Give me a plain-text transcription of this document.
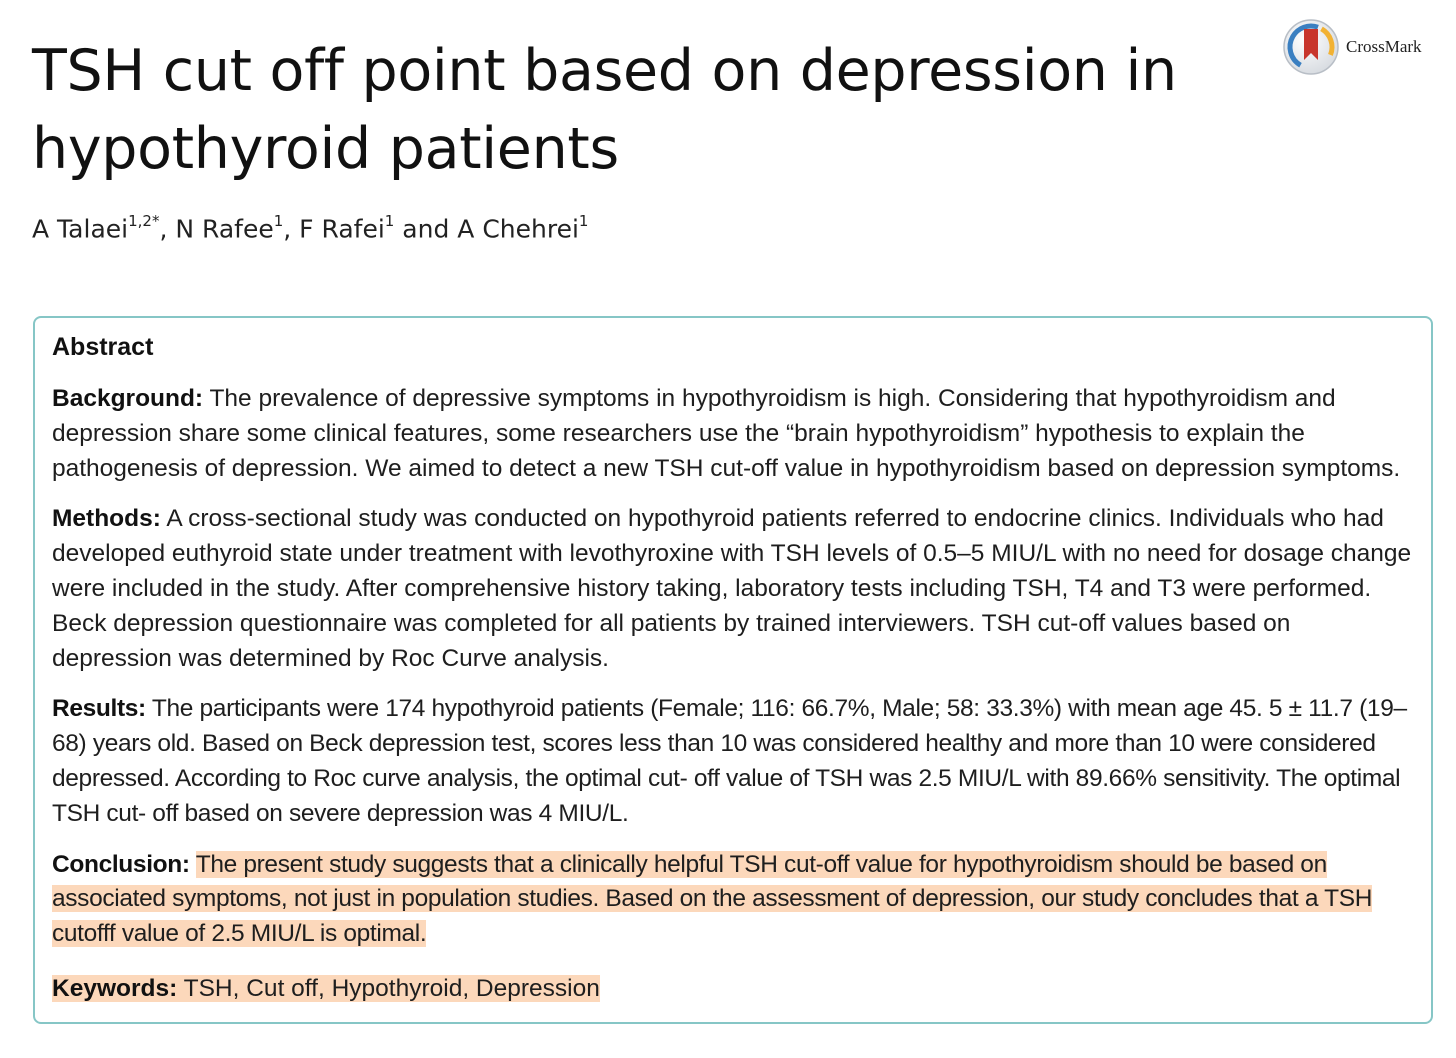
TSH cut off point based on depression in hypothyroid patients
CrossMark
A Talaei$^{1,2*}$, N Rafee$^1$, F Rafei$^1$ and A Chehrei$^1$
Abstract

Background: The prevalence of depressive symptoms in hypothyroidism is high. Considering that hypothyroidism and depression share some clinical features, some researchers use the “brain hypothyroidism” hypothesis to explain the pathogenesis of depression. We aimed to detect a new TSH cut-off value in hypothyroidism based on depression symptoms.

Methods: A cross-sectional study was conducted on hypothyroid patients referred to endocrine clinics. Individuals who had developed euthyroid state under treatment with levothyroxine with TSH levels of 0.5–5 MIU/L with no need for dosage change were included in the study. After comprehensive history taking, laboratory tests including TSH, T4 and T3 were performed. Beck depression questionnaire was completed for all patients by trained interviewers. TSH cut-off values based on depression was determined by Roc Curve analysis.

Results: The participants were 174 hypothyroid patients (Female; 116: 66.7%, Male; 58: 33.3%) with mean age 45. 5 ± 11.7 (19–68) years old. Based on Beck depression test, scores less than 10 was considered healthy and more than 10 were considered depressed. According to Roc curve analysis, the optimal cut- off value of TSH was 2.5 MIU/L with 89.66% sensitivity. The optimal TSH cut- off based on severe depression was 4 MIU/L.

Conclusion: The present study suggests that a clinically helpful TSH cut-off value for hypothyroidism should be based on associated symptoms, not just in population studies. Based on the assessment of depression, our study concludes that a TSH cutofff value of 2.5 MIU/L is optimal.

Keywords: TSH, Cut off, Hypothyroid, Depression
